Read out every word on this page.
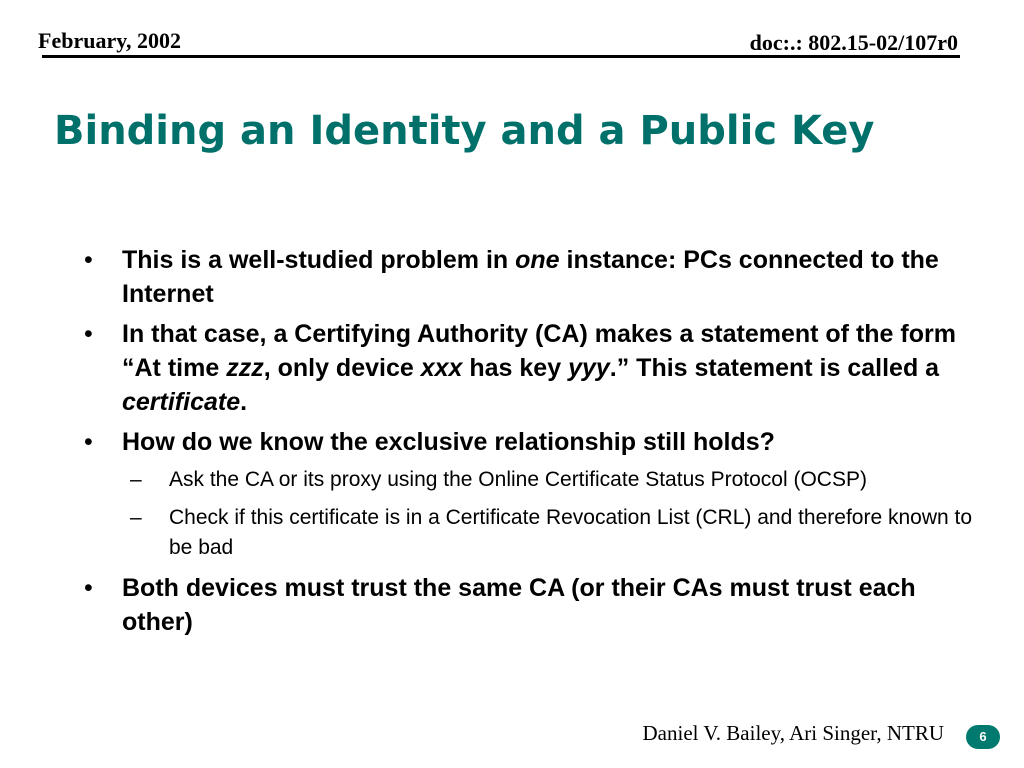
February, 2002	doc:.: 802.15-02/107r0
Binding an Identity and a Public Key
• This is a well-studied problem in one instance: PCs connected to the Internet
• In that case, a Certifying Authority (CA) makes a statement of the form “At time zzz, only device xxx has key yyy.” This statement is called a certificate.
• How do we know the exclusive relationship still holds?
– Ask the CA or its proxy using the Online Certificate Status Protocol (OCSP)
– Check if this certificate is in a Certificate Revocation List (CRL) and therefore known to be bad
• Both devices must trust the same CA (or their CAs must trust each other)
Daniel V. Bailey, Ari Singer, NTRU	6
